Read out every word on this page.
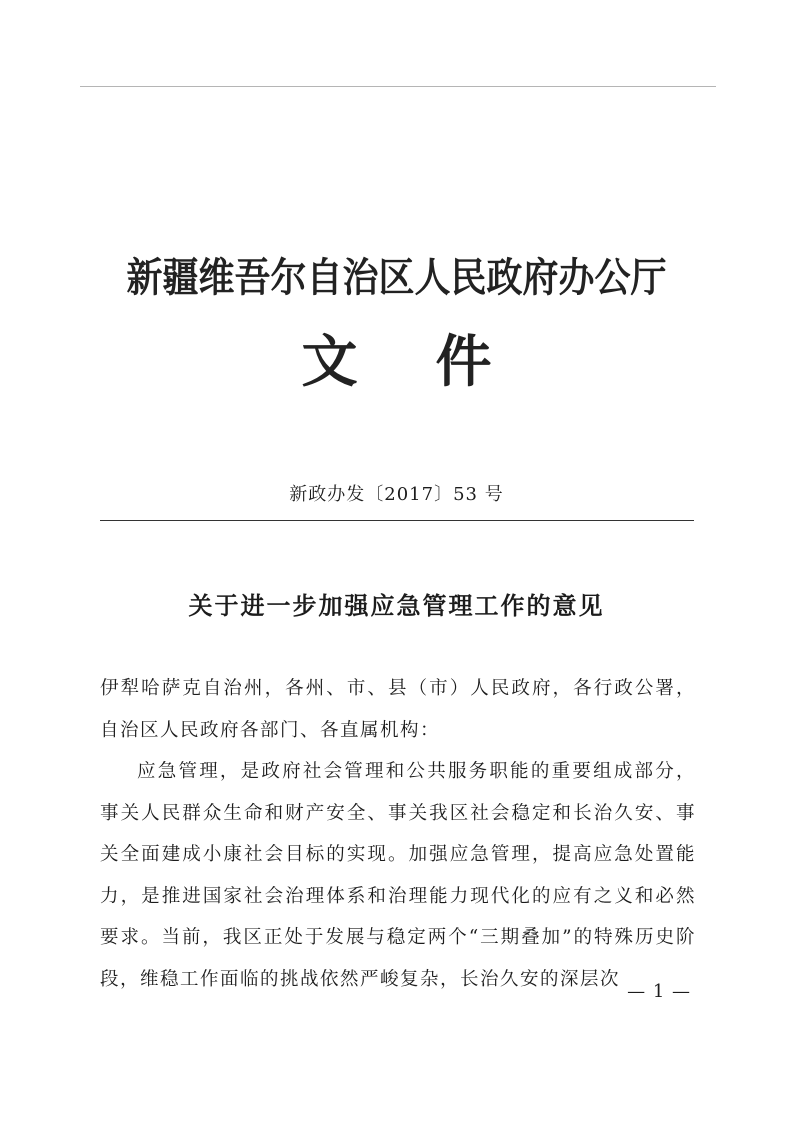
新疆维吾尔自治区人民政府办公厅
文件
新政办发〔2017〕53 号
关于进一步加强应急管理工作的意见

伊犁哈萨克自治州，各州、市、县（市）人民政府，各行政公署，自治区人民政府各部门、各直属机构：

应急管理，是政府社会管理和公共服务职能的重要组成部分，事关人民群众生命和财产安全、事关我区社会稳定和长治久安、事关全面建成小康社会目标的实现。加强应急管理，提高应急处置能力，是推进国家社会治理体系和治理能力现代化的应有之义和必然要求。当前，我区正处于发展与稳定两个“三期叠加”的特殊历史阶段，维稳工作面临的挑战依然严峻复杂，长治久安的深层次

— 1 —
